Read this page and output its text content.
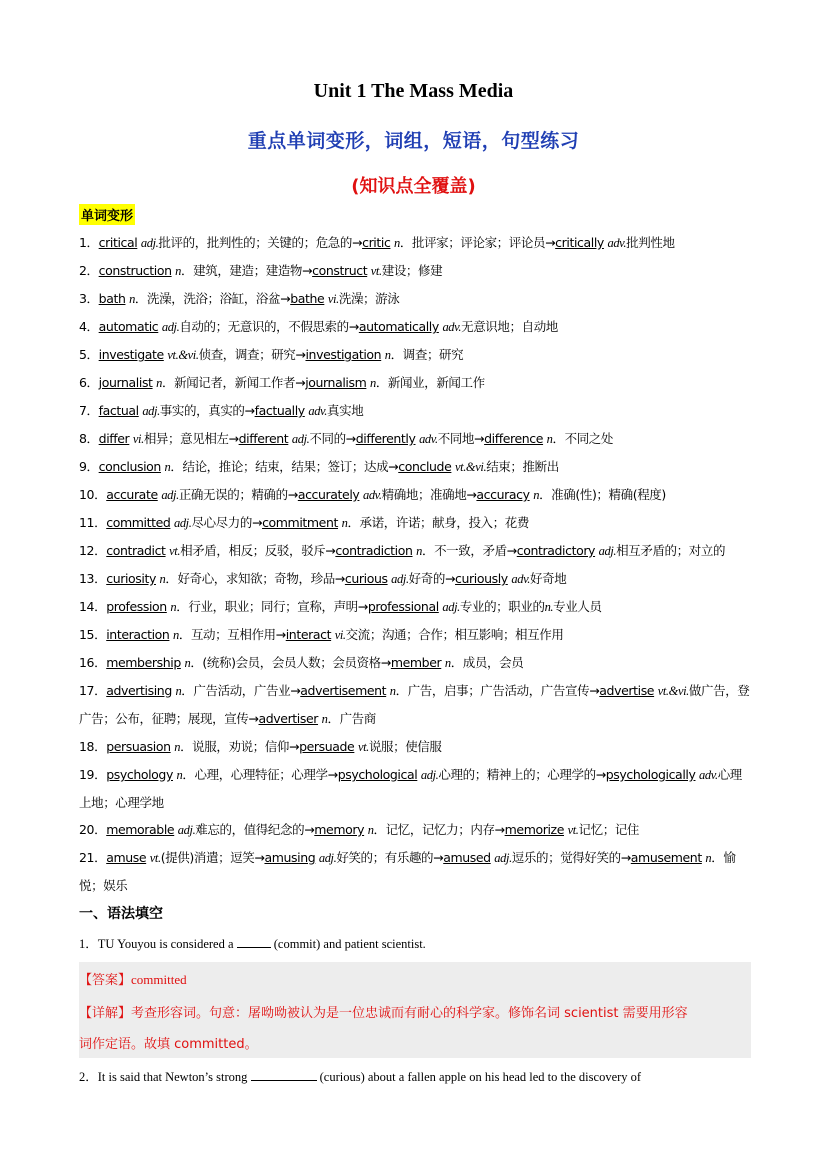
Unit 1 The Mass Media
重点单词变形，词组，短语，句型练习
(知识点全覆盖)
单词变形
1．critical adj.批评的，批判性的；关键的；危急的→critic n．批评家；评论家；评论员→critically adv.批判性地
2．construction n．建筑，建造；建造物→construct vt.建设；修建
3．bath n．洗澡，洗浴；浴缸，浴盆→bathe vi.洗澡；游泳
4．automatic adj.自动的；无意识的，不假思索的→automatically adv.无意识地；自动地
5．investigate vt.&vi.侦查，调查；研究→investigation n．调查；研究
6．journalist n．新闻记者，新闻工作者→journalism n．新闻业，新闻工作
7．factual adj.事实的，真实的→factually adv.真实地
8．differ vi.相异；意见相左→different adj.不同的→differently adv.不同地→difference n．不同之处
9．conclusion n．结论，推论；结束，结果；签订；达成→conclude vt.&vi.结束；推断出
10．accurate adj.正确无误的；精确的→accurately adv.精确地；准确地→accuracy n．准确(性)；精确(程度)
11．committed adj.尽心尽力的→commitment n．承诺，许诺；献身，投入；花费
12．contradict vt.相矛盾，相反；反驳，驳斥→contradiction n．不一致，矛盾→contradictory adj.相互矛盾的；对立的
13．curiosity n．好奇心，求知欲；奇物，珍品→curious adj.好奇的→curiously adv.好奇地
14．profession n．行业，职业；同行；宣称，声明→professional adj.专业的；职业的n.专业人员
15．interaction n．互动；互相作用→interact vi.交流；沟通；合作；相互影响；相互作用
16．membership n．(统称)会员，会员人数；会员资格→member n．成员，会员
17．advertising n．广告活动，广告业→advertisement n．广告，启事；广告活动，广告宣传→advertise vt.&vi.做广告，登广告；公布，征聘；展现，宣传→advertiser n．广告商
18．persuasion n．说服，劝说；信仰→persuade vt.说服；使信服
19．psychology n．心理，心理特征；心理学→psychological adj.心理的；精神上的；心理学的→psychologically adv.心理上地；心理学地
20．memorable adj.难忘的，值得纪念的→memory n．记忆，记忆力；内存→memorize vt.记忆；记住
21．amuse vt.(提供)消遣；逗笑→amusing adj.好笑的；有乐趣的→amused adj.逗乐的；觉得好笑的→amusement n．愉悦；娱乐
一、语法填空
1．TU Youyou is considered a	(commit) and patient scientist.
【答案】committed
【详解】考查形容词。句意：屠呦呦被认为是一位忠诚而有耐心的科学家。修饰名词 scientist 需要用形容
词作定语。故填 committed。
2．It is said that Newton’s strong	(curious) about a fallen apple on his head led to the discovery of
